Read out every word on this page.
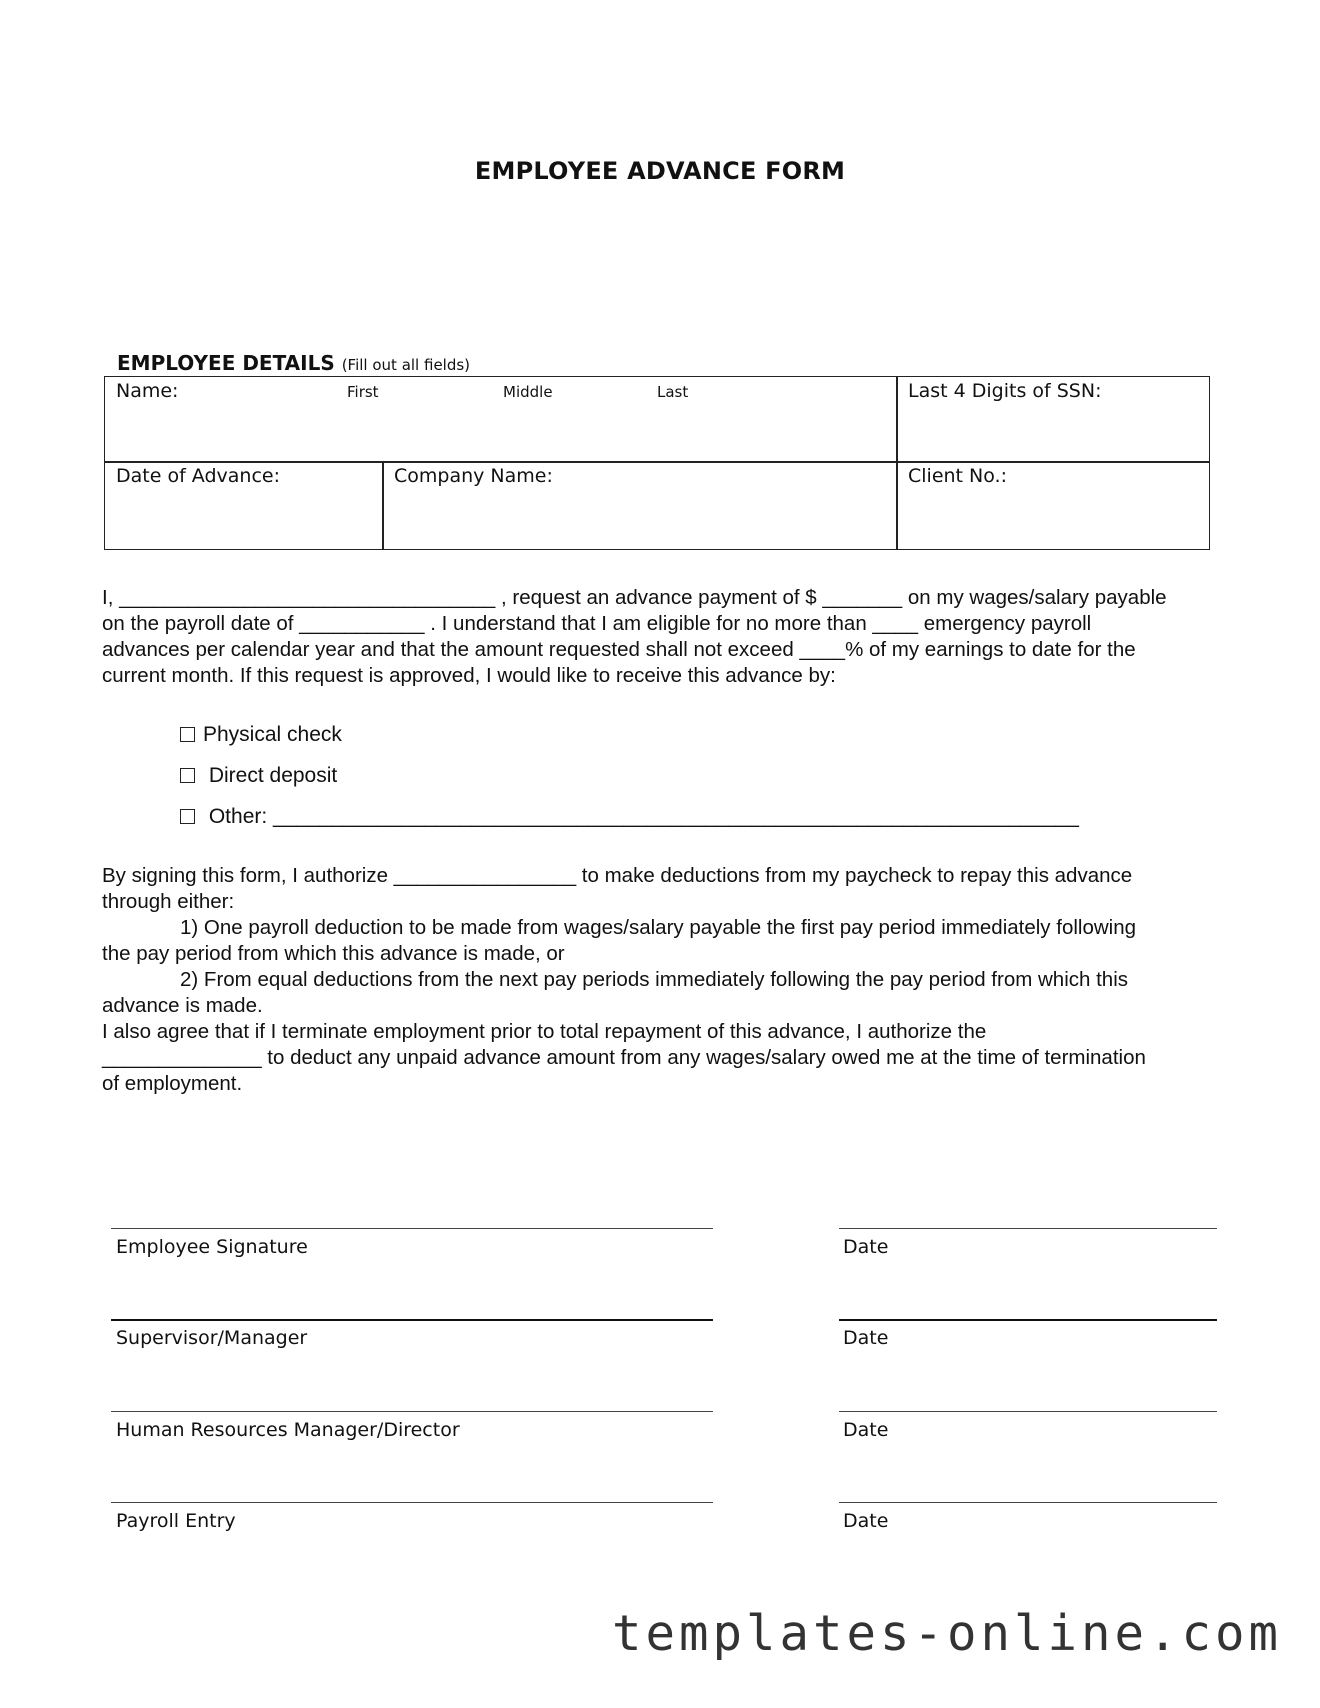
EMPLOYEE ADVANCE FORM
EMPLOYEE DETAILS (Fill out all fields)
Name:	First	Middle	Last	Last 4 Digits of SSN:
Date of Advance:	Company Name:	Client No.:
I, _________________________________ , request an advance payment of $ _______ on my wages/salary payable
on the payroll date of ___________ . I understand that I am eligible for no more than ____ emergency payroll
advances per calendar year and that the amount requested shall not exceed ____% of my earnings to date for the
current month. If this request is approved, I would like to receive this advance by:
Physical check
Direct deposit
Other: _____________________________________________________________________
By signing this form, I authorize ________________ to make deductions from my paycheck to repay this advance
through either:
1) One payroll deduction to be made from wages/salary payable the first pay period immediately following
the pay period from which this advance is made, or
2) From equal deductions from the next pay periods immediately following the pay period from which this
advance is made.
I also agree that if I terminate employment prior to total repayment of this advance, I authorize the
______________ to deduct any unpaid advance amount from any wages/salary owed me at the time of termination
of employment.
Employee Signature	Date
Supervisor/Manager	Date
Human Resources Manager/Director	Date
Payroll Entry	Date
templates-online.com
